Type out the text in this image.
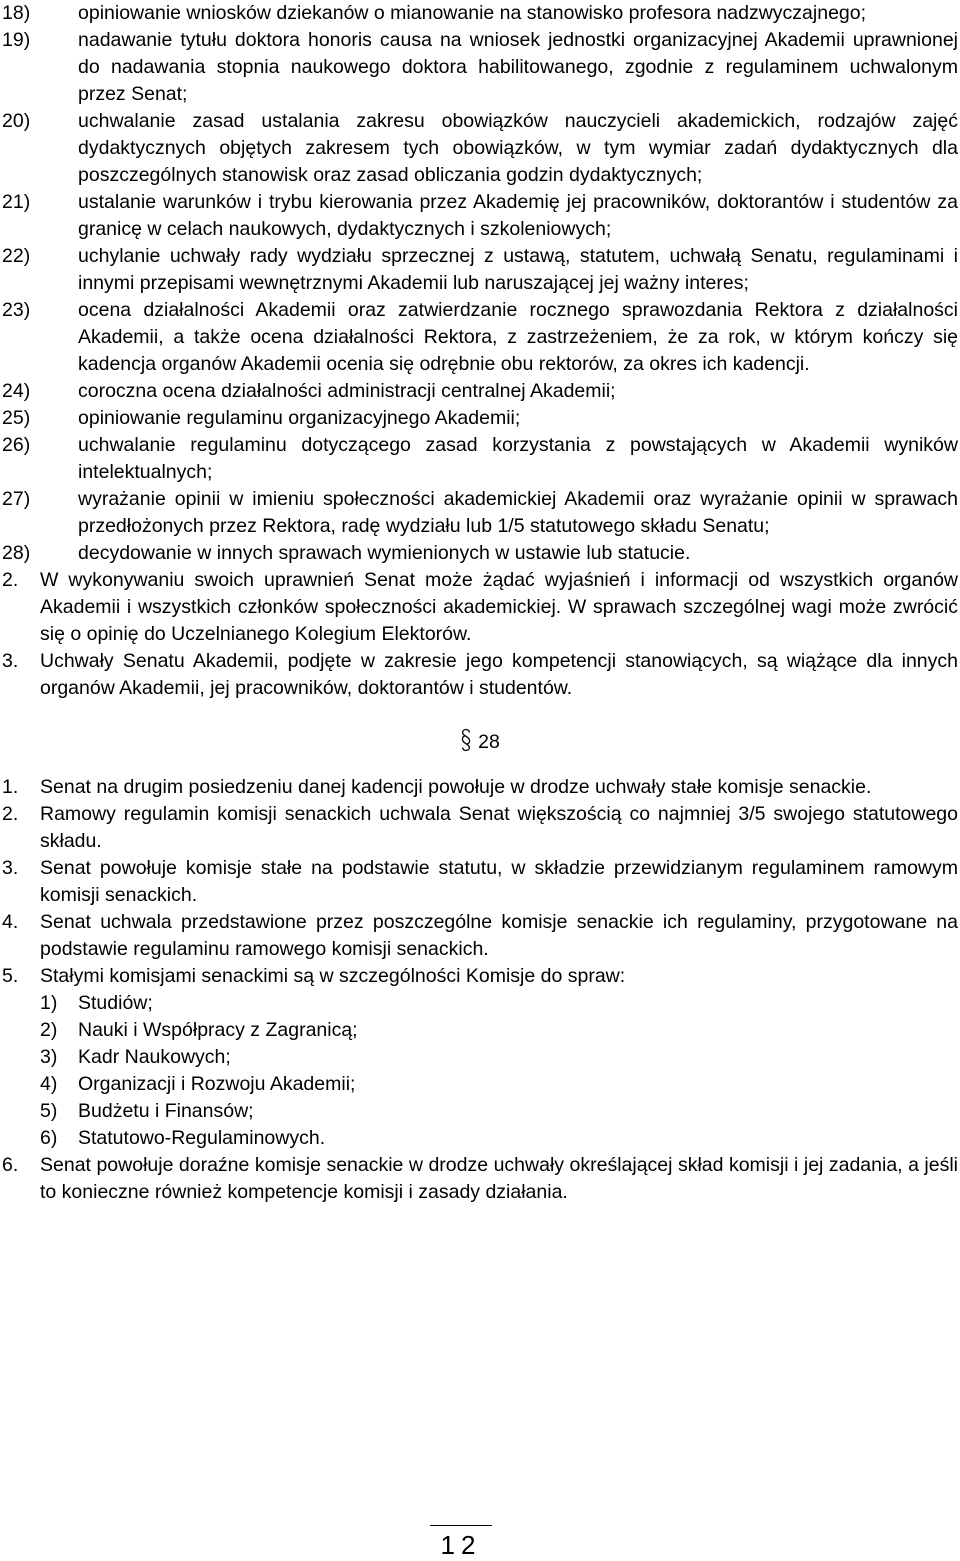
18)	opiniowanie wniosków dziekanów o mianowanie na stanowisko profesora nadzwyczajnego;
19)	nadawanie tytułu doktora honoris causa na wniosek jednostki organizacyjnej Akademii uprawnionej do nadawania stopnia naukowego doktora habilitowanego, zgodnie z regulaminem uchwalonym przez Senat;
20)	uchwalanie zasad ustalania zakresu obowiązków nauczycieli akademickich, rodzajów zajęć dydaktycznych objętych zakresem tych obowiązków, w tym wymiar zadań dydaktycznych dla poszczególnych stanowisk oraz zasad obliczania godzin dydaktycznych;
21)	ustalanie warunków i trybu kierowania przez Akademię jej pracowników, doktorantów i studentów za granicę w celach naukowych, dydaktycznych i szkoleniowych;
22)	uchylanie uchwały rady wydziału sprzecznej z ustawą, statutem, uchwałą Senatu, regulaminami i innymi przepisami wewnętrznymi Akademii lub naruszającej jej ważny interes;
23)	ocena działalności Akademii oraz zatwierdzanie rocznego sprawozdania Rektora z działalności Akademii, a także ocena działalności Rektora, z zastrzeżeniem, że za rok, w którym kończy się kadencja organów Akademii ocenia się odrębnie obu rektorów, za okres ich kadencji.
24)	coroczna ocena działalności administracji centralnej Akademii;
25)	opiniowanie regulaminu organizacyjnego Akademii;
26)	uchwalanie regulaminu dotyczącego zasad korzystania z powstających w Akademii wyników intelektualnych;
27)	wyrażanie opinii w imieniu społeczności akademickiej Akademii oraz wyrażanie opinii w sprawach przedłożonych przez Rektora, radę wydziału lub 1/5 statutowego składu Senatu;
28)	decydowanie w innych sprawach wymienionych w ustawie lub statucie.
2.	W wykonywaniu swoich uprawnień Senat może żądać wyjaśnień i informacji od wszystkich organów Akademii i wszystkich członków społeczności akademickiej. W sprawach szczególnej wagi może zwrócić się o opinię do Uczelnianego Kolegium Elektorów.
3.	Uchwały Senatu Akademii, podjęte w zakresie jego kompetencji stanowiących, są wiążące dla innych organów Akademii, jej pracowników, doktorantów i studentów.
28
1.	Senat na drugim posiedzeniu danej kadencji powołuje w drodze uchwały stałe komisje senackie.
2.	Ramowy regulamin komisji senackich uchwala Senat większością co najmniej 3/5 swojego statutowego składu.
3.	Senat powołuje komisje stałe na podstawie statutu, w składzie przewidzianym regulaminem ramowym komisji senackich.
4.	Senat uchwala przedstawione przez poszczególne komisje senackie ich regulaminy, przygotowane na podstawie regulaminu ramowego komisji senackich.
5.	Stałymi komisjami senackimi są w szczególności Komisje do spraw:
1)	Studiów;
2)	Nauki i Współpracy z Zagranicą;
3)	Kadr Naukowych;
4)	Organizacji i Rozwoju Akademii;
5)	Budżetu i Finansów;
6)	Statutowo-Regulaminowych.
6.	Senat powołuje doraźne komisje senackie w drodze uchwały określającej skład komisji i jej zadania, a jeśli to konieczne również kompetencje komisji i zasady działania.
12
